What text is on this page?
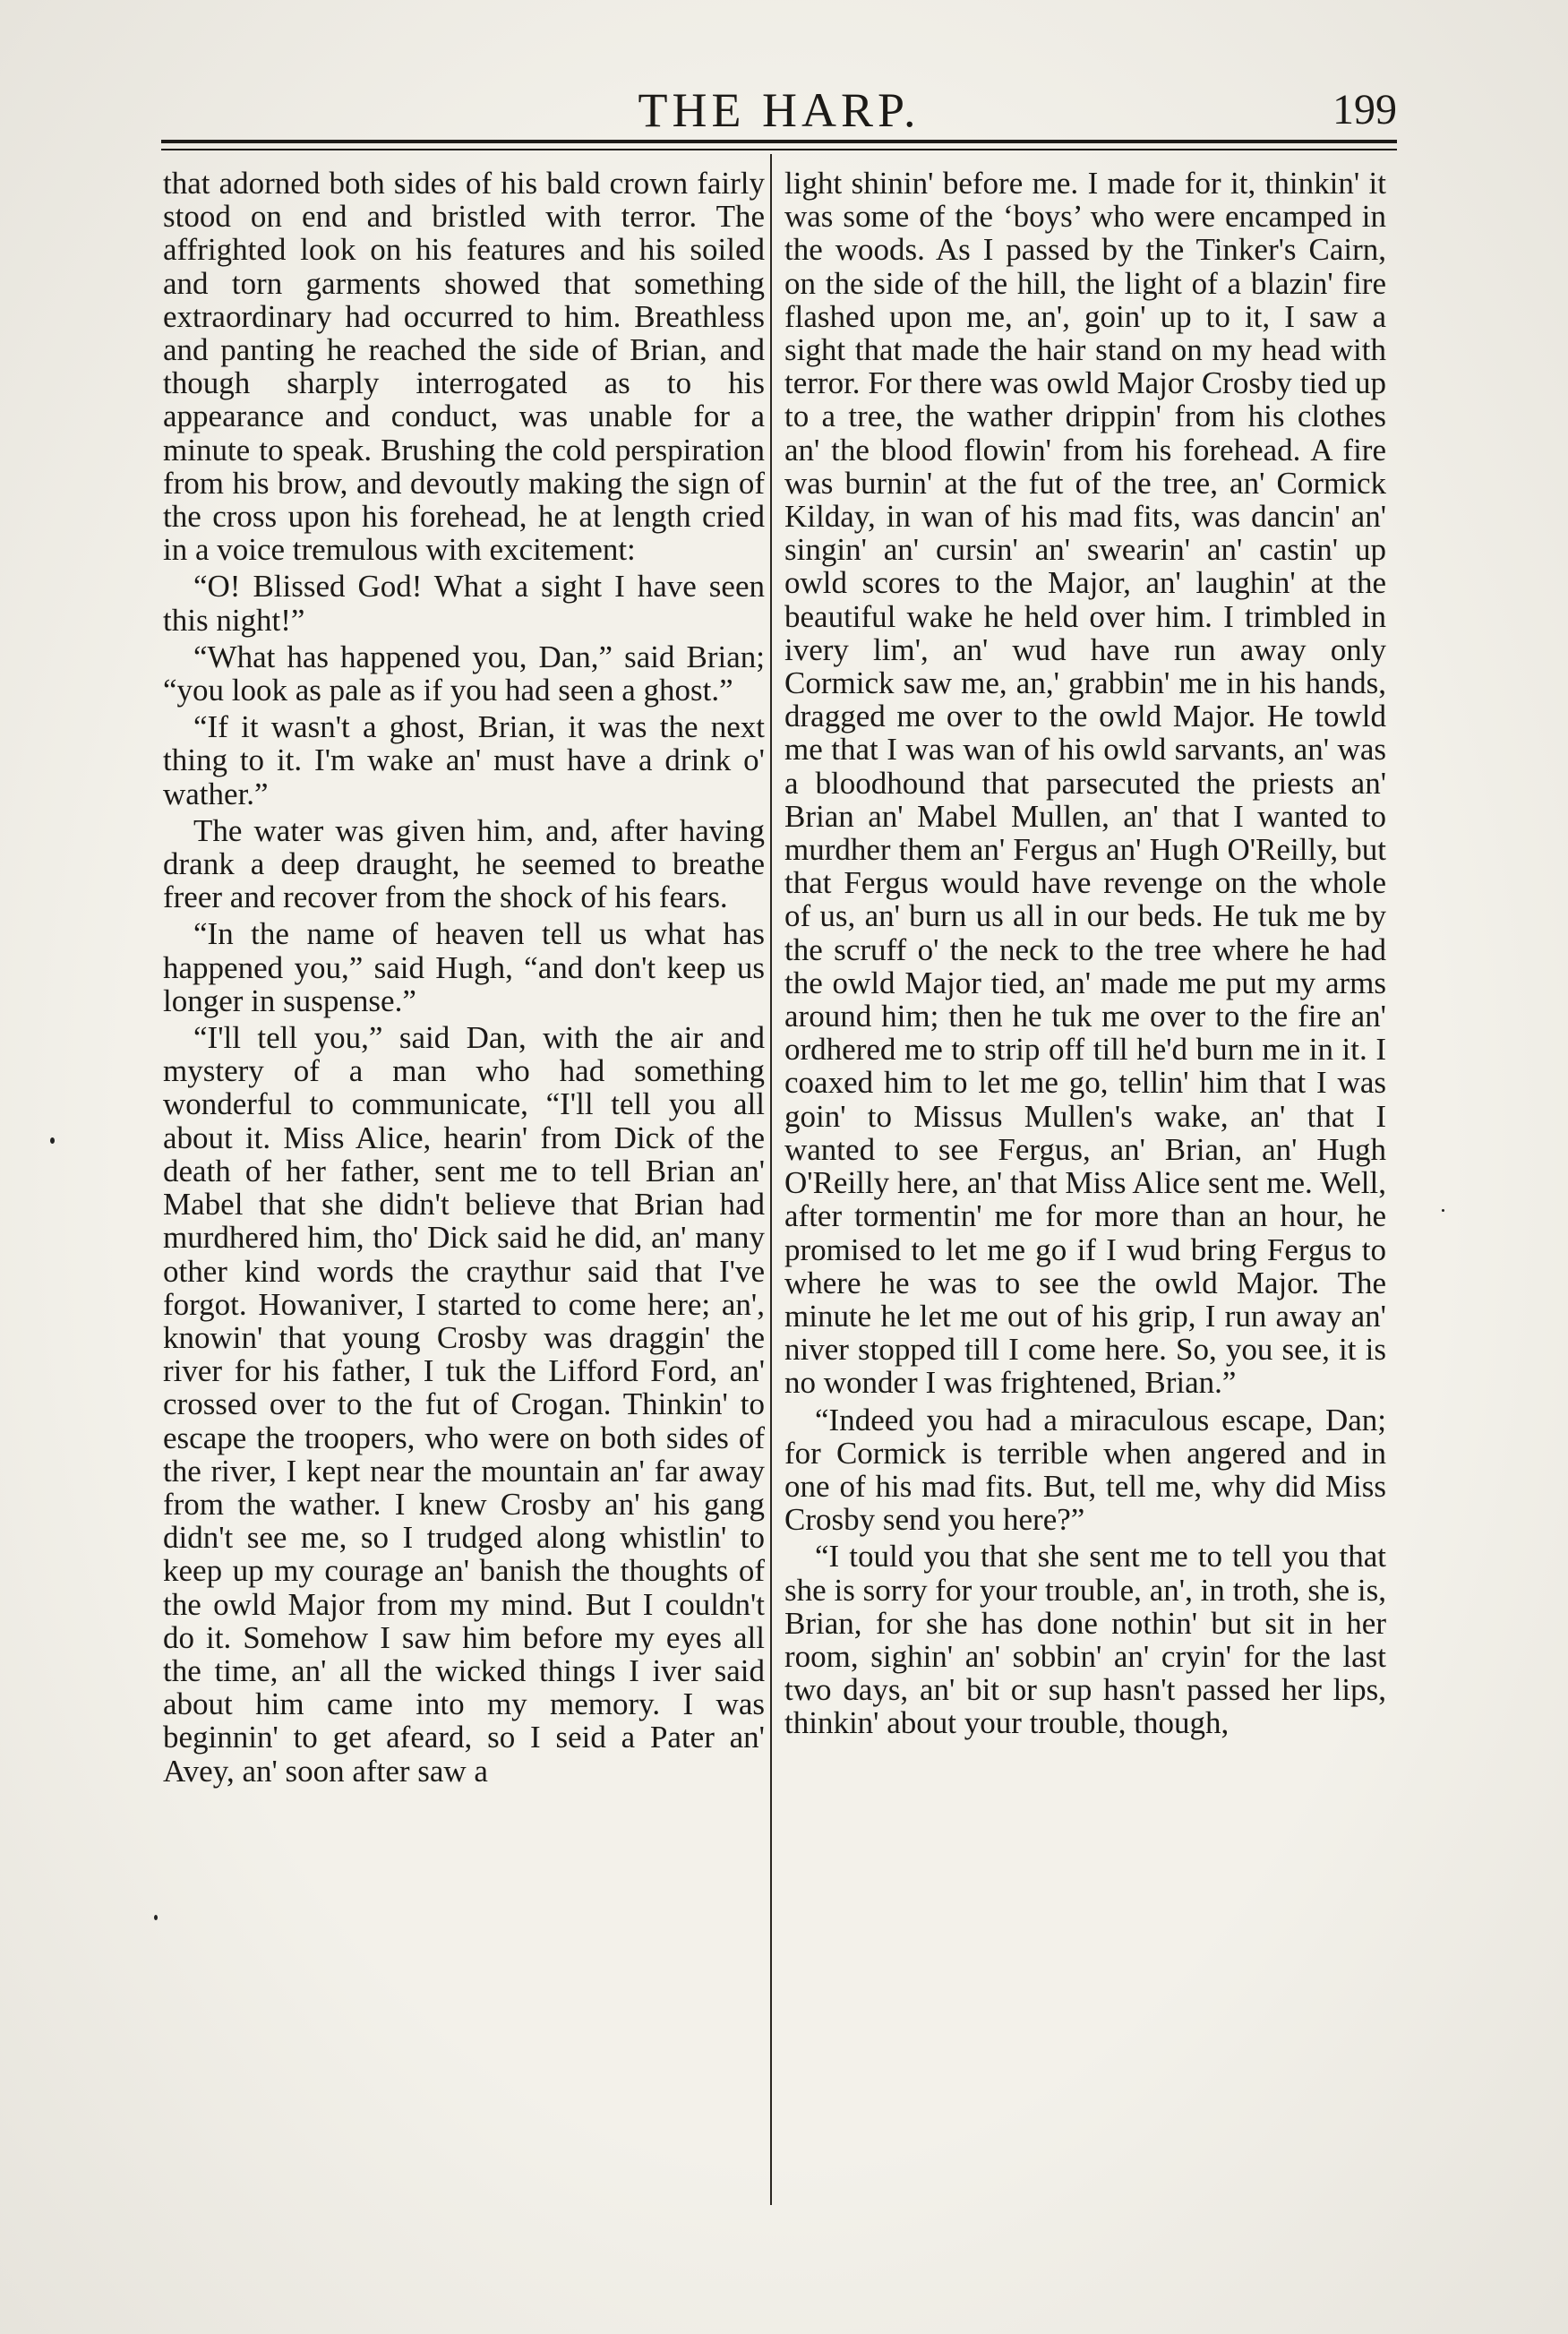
THE HARP.	199

that adorned both sides of his bald crown fairly stood on end and bristled with terror. The affrighted look on his features and his soiled and torn garments showed that something extraordinary had occurred to him. Breathless and panting he reached the side of Brian, and though sharply interrogated as to his appearance and conduct, was unable for a minute to speak. Brushing the cold perspiration from his brow, and devoutly making the sign of the cross upon his forehead, he at length cried in a voice tremulous with excitement:

“O! Blissed God! What a sight I have seen this night!”

“What has happened you, Dan,” said Brian; “you look as pale as if you had seen a ghost.”

“If it wasn't a ghost, Brian, it was the next thing to it. I'm wake an' must have a drink o' wather.”

The water was given him, and, after having drank a deep draught, he seemed to breathe freer and recover from the shock of his fears.

“In the name of heaven tell us what has happened you,” said Hugh, “and don't keep us longer in suspense.”

“I'll tell you,” said Dan, with the air and mystery of a man who had something wonderful to communicate, “I'll tell you all about it. Miss Alice, hearin' from Dick of the death of her father, sent me to tell Brian an' Mabel that she didn't believe that Brian had murdhered him, tho' Dick said he did, an' many other kind words the craythur said that I've forgot. Howaniver, I started to come here; an', knowin' that young Crosby was draggin' the river for his father, I tuk the Lifford Ford, an' crossed over to the fut of Crogan. Thinkin' to escape the troopers, who were on both sides of the river, I kept near the mountain an' far away from the wather. I knew Crosby an' his gang didn't see me, so I trudged along whistlin' to keep up my courage an' banish the thoughts of the owld Major from my mind. But I couldn't do it. Somehow I saw him before my eyes all the time, an' all the wicked things I iver said about him came into my memory. I was beginnin' to get afeard, so I seid a Pater an' Avey, an' soon after saw a

light shinin' before me. I made for it, thinkin' it was some of the ‘boys’ who were encamped in the woods. As I passed by the Tinker's Cairn, on the side of the hill, the light of a blazin' fire flashed upon me, an', goin' up to it, I saw a sight that made the hair stand on my head with terror. For there was owld Major Crosby tied up to a tree, the wather drippin' from his clothes an' the blood flowin' from his forehead. A fire was burnin' at the fut of the tree, an' Cormick Kilday, in wan of his mad fits, was dancin' an' singin' an' cursin' an' swearin' an' castin' up owld scores to the Major, an' laughin' at the beautiful wake he held over him. I trimbled in ivery lim', an' wud have run away only Cormick saw me, an,' grabbin' me in his hands, dragged me over to the owld Major. He towld me that I was wan of his owld sarvants, an' was a bloodhound that parsecuted the priests an' Brian an' Mabel Mullen, an' that I wanted to murdher them an' Fergus an' Hugh O'Reilly, but that Fergus would have revenge on the whole of us, an' burn us all in our beds. He tuk me by the scruff o' the neck to the tree where he had the owld Major tied, an' made me put my arms around him; then he tuk me over to the fire an' ordhered me to strip off till he'd burn me in it. I coaxed him to let me go, tellin' him that I was goin' to Missus Mullen's wake, an' that I wanted to see Fergus, an' Brian, an' Hugh O'Reilly here, an' that Miss Alice sent me. Well, after tormentin' me for more than an hour, he promised to let me go if I wud bring Fergus to where he was to see the owld Major. The minute he let me out of his grip, I run away an' niver stopped till I come here. So, you see, it is no wonder I was frightened, Brian.”

“Indeed you had a miraculous escape, Dan; for Cormick is terrible when angered and in one of his mad fits. But, tell me, why did Miss Crosby send you here?”

“I tould you that she sent me to tell you that she is sorry for your trouble, an', in troth, she is, Brian, for she has done nothin' but sit in her room, sighin' an' sobbin' an' cryin' for the last two days, an' bit or sup hasn't passed her lips, thinkin' about your trouble, though,
